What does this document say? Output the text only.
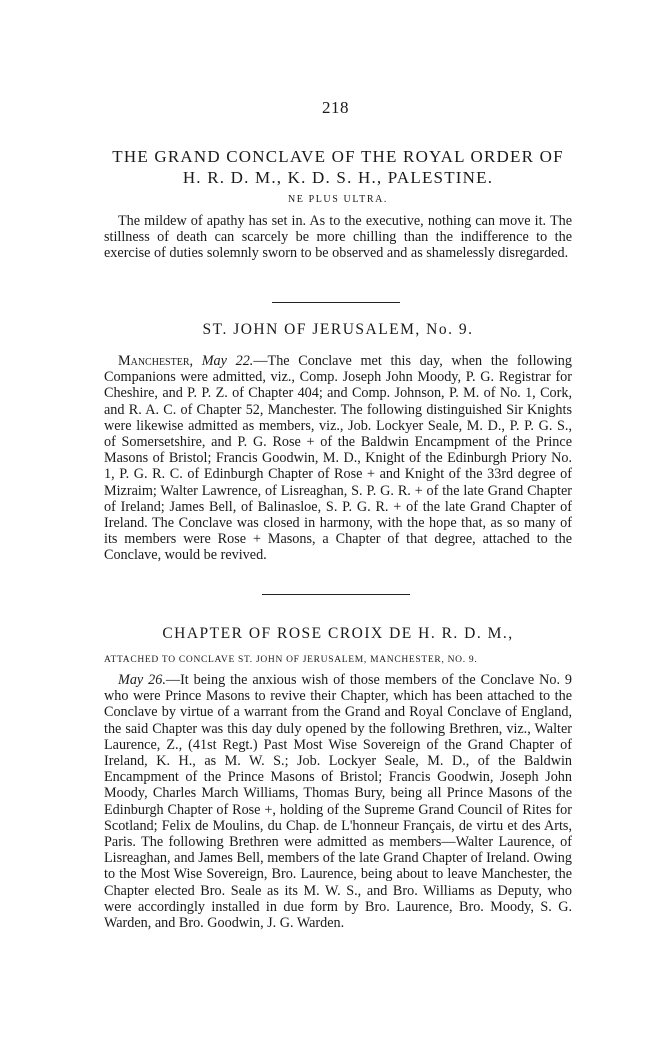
218
THE GRAND CONCLAVE OF THE ROYAL ORDER OF
H. R. D. M., K. D. S. H., PALESTINE.
NE PLUS ULTRA.

The mildew of apathy has set in. As to the executive, nothing can move it. The stillness of death can scarcely be more chilling than the indifference to the exercise of duties solemnly sworn to be observed and as shamelessly disregarded.

ST. JOHN OF JERUSALEM, No. 9.

Manchester, May 22.—The Conclave met this day, when the following Companions were admitted, viz., Comp. Joseph John Moody, P. G. Registrar for Cheshire, and P. P. Z. of Chapter 404; and Comp. Johnson, P. M. of No. 1, Cork, and R. A. C. of Chapter 52, Manchester. The following distinguished Sir Knights were likewise admitted as members, viz., Job. Lockyer Seale, M. D., P. P. G. S., of Somersetshire, and P. G. Rose + of the Baldwin Encampment of the Prince Masons of Bristol; Francis Goodwin, M. D., Knight of the Edinburgh Priory No. 1, P. G. R. C. of Edinburgh Chapter of Rose + and Knight of the 33rd degree of Mizraim; Walter Lawrence, of Lisreaghan, S. P. G. R. + of the late Grand Chapter of Ireland; James Bell, of Balinasloe, S. P. G. R. + of the late Grand Chapter of Ireland. The Conclave was closed in harmony, with the hope that, as so many of its members were Rose + Masons, a Chapter of that degree, attached to the Conclave, would be revived.

CHAPTER OF ROSE CROIX DE H. R. D. M.,
ATTACHED TO CONCLAVE ST. JOHN OF JERUSALEM, MANCHESTER, NO. 9.

May 26.—It being the anxious wish of those members of the Conclave No. 9 who were Prince Masons to revive their Chapter, which has been attached to the Conclave by virtue of a warrant from the Grand and Royal Conclave of England, the said Chapter was this day duly opened by the following Brethren, viz., Walter Laurence, Z., (41st Regt.) Past Most Wise Sovereign of the Grand Chapter of Ireland, K. H., as M. W. S.; Job. Lockyer Seale, M. D., of the Baldwin Encampment of the Prince Masons of Bristol; Francis Goodwin, Joseph John Moody, Charles March Williams, Thomas Bury, being all Prince Masons of the Edinburgh Chapter of Rose +, holding of the Supreme Grand Council of Rites for Scotland; Felix de Moulins, du Chap. de L'honneur Français, de virtu et des Arts, Paris. The following Brethren were admitted as members—Walter Laurence, of Lisreaghan, and James Bell, members of the late Grand Chapter of Ireland. Owing to the Most Wise Sovereign, Bro. Laurence, being about to leave Manchester, the Chapter elected Bro. Seale as its M. W. S., and Bro. Williams as Deputy, who were accordingly installed in due form by Bro. Laurence, Bro. Moody, S. G. Warden, and Bro. Goodwin, J. G. Warden.
